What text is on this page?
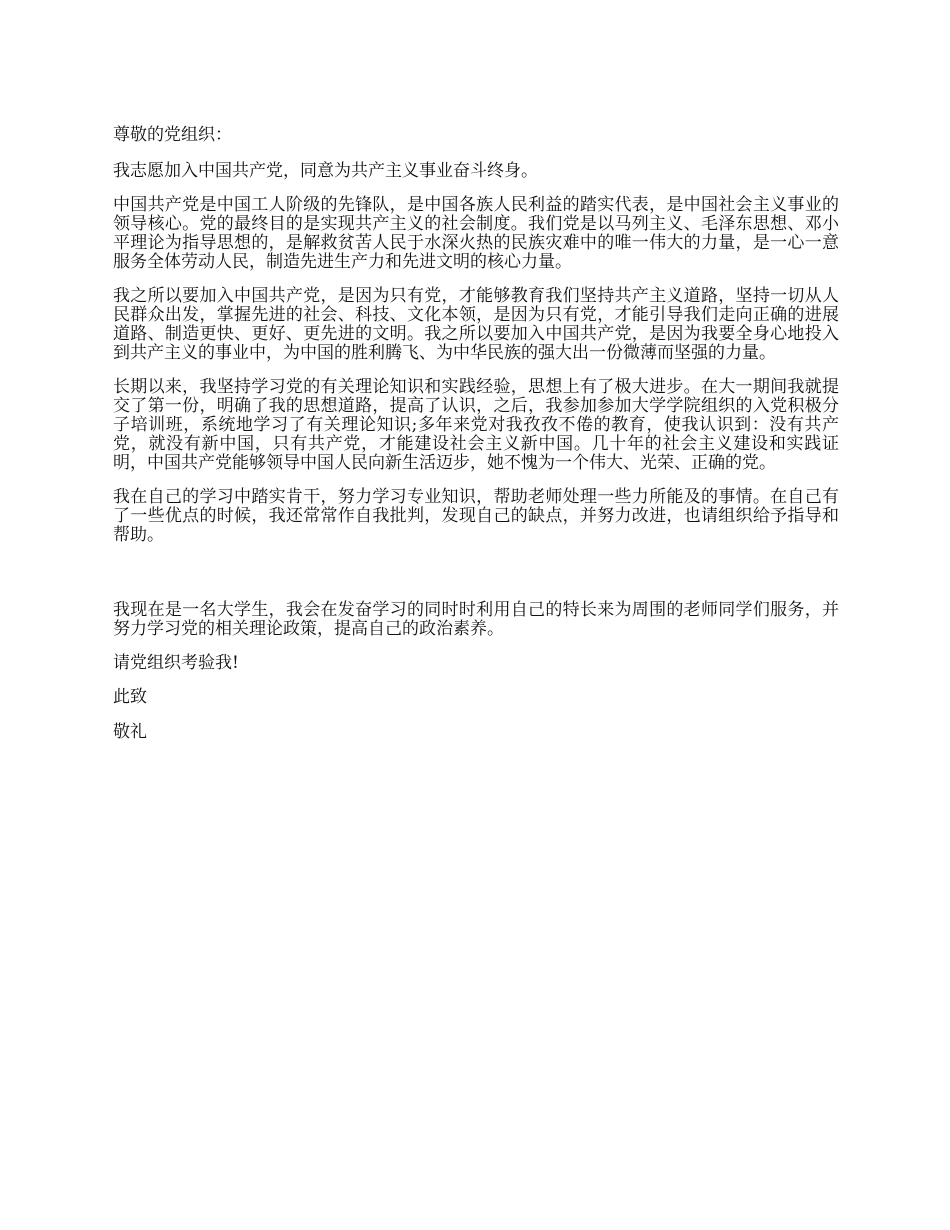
尊敬的党组织：

我志愿加入中国共产党，同意为共产主义事业奋斗终身。

中国共产党是中国工人阶级的先锋队，是中国各族人民利益的踏实代表，是中国社会主义事业的领导核心。党的最终目的是实现共产主义的社会制度。我们党是以马列主义、毛泽东思想、邓小平理论为指导思想的，是解救贫苦人民于水深火热的民族灾难中的唯一伟大的力量，是一心一意服务全体劳动人民，制造先进生产力和先进文明的核心力量。

我之所以要加入中国共产党，是因为只有党，才能够教育我们坚持共产主义道路，坚持一切从人民群众出发，掌握先进的社会、科技、文化本领，是因为只有党，才能引导我们走向正确的进展道路、制造更快、更好、更先进的文明。我之所以要加入中国共产党，是因为我要全身心地投入到共产主义的事业中，为中国的胜利腾飞、为中华民族的强大出一份微薄而坚强的力量。

长期以来，我坚持学习党的有关理论知识和实践经验，思想上有了极大进步。在大一期间我就提交了第一份，明确了我的思想道路，提高了认识，之后，我参加参加大学学院组织的入党积极分子培训班，系统地学习了有关理论知识;多年来党对我孜孜不倦的教育，使我认识到：没有共产党，就没有新中国，只有共产党，才能建设社会主义新中国。几十年的社会主义建设和实践证明，中国共产党能够领导中国人民向新生活迈步，她不愧为一个伟大、光荣、正确的党。

我在自己的学习中踏实肯干，努力学习专业知识，帮助老师处理一些力所能及的事情。在自己有了一些优点的时候，我还常常作自我批判，发现自己的缺点，并努力改进，也请组织给予指导和帮助。

我现在是一名大学生，我会在发奋学习的同时时利用自己的特长来为周围的老师同学们服务，并努力学习党的相关理论政策，提高自己的政治素养。

请党组织考验我!

此致

敬礼
